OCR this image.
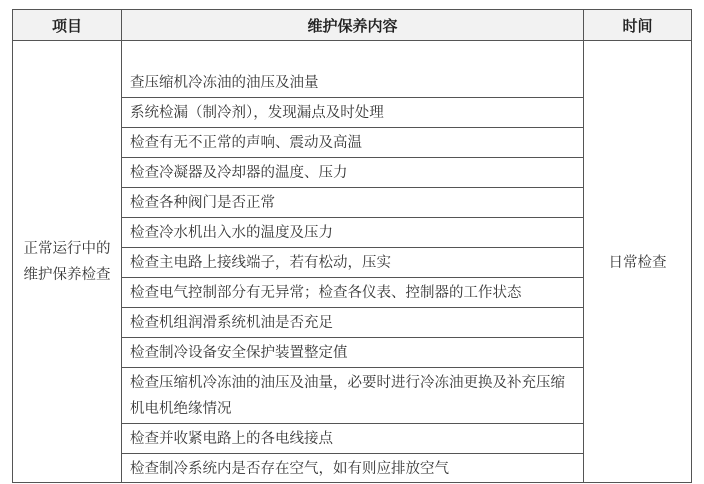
项目	维护保养内容	时间
正常运行中的维护保养检查	查压缩机冷冻油的油压及油量	日常检查
	系统检漏（制冷剂），发现漏点及时处理	
	检查有无不正常的声响、震动及高温	
	检查冷凝器及冷却器的温度、压力	
	检查各种阀门是否正常	
	检查冷水机出入水的温度及压力	
	检查主电路上接线端子，若有松动，压实	
	检查电气控制部分有无异常；检查各仪表、控制器的工作状态	
	检查机组润滑系统机油是否充足	
	检查制冷设备安全保护装置整定值	
	检查压缩机冷冻油的油压及油量，必要时进行冷冻油更换及补充压缩机电机绝缘情况	
	检查并收紧电路上的各电线接点	
	检查制冷系统内是否存在空气，如有则应排放空气	
